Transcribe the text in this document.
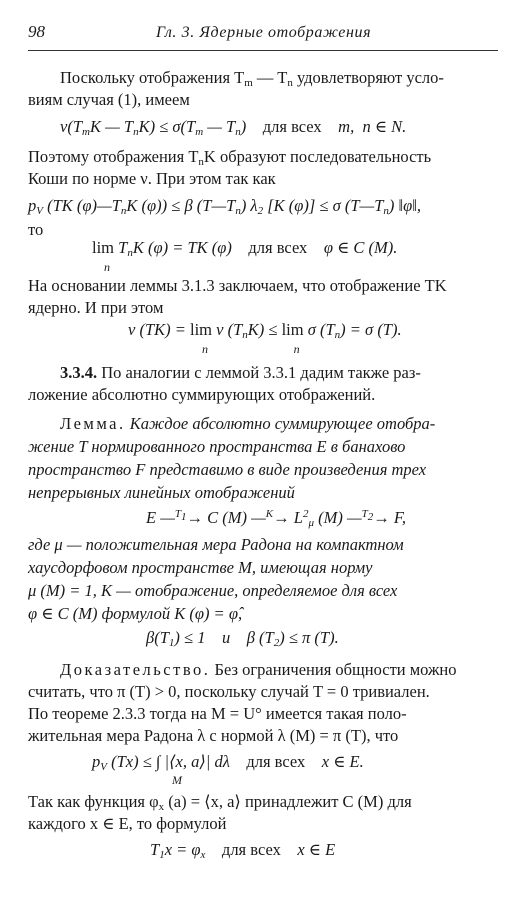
98	Гл. 3. Ядерные отображения
Поскольку отображения $T_m$ — $T_n$ удовлетворяют усло-
виям случая (1), имеем
$\nu(T_mK$ — $T_nK) \le \sigma(T_m$ — $T_n$)    для всех    m,  n ∈ N.
Поэтому отображения $T_nK$ образуют последовательность
Коши по норме ν. При этом так как
$p_V$ (TK $(\varphi)—T_nK$ (φ)) ≤ β $(T—T_n)$ $\lambda_2$ [K (φ)] ≤ σ $(T—T_n)$ ‖φ‖,
то
lim
n
$T_nK$ (φ) = TK (φ)    для всех    φ ∈ C (M).
На основании леммы 3.1.3 заключаем, что отображение TK
ядерно. И при этом
ν (TK) = lim
n
ν $(T_nK) \le \lim$
n
σ $(T_n) = \sigma$ (T).
3.3.4. По аналогии с леммой 3.3.1 дадим также раз-
ложение абсолютно суммирующих отображений.
Лемма. Каждое абсолютно суммирующее отобра-
жение T нормированного пространства E в банахово
пространство F представимо в виде произведения трех
непрерывных линейных отображений
E —$^{T_1}$→ C (M) —$^K$→ $L^2_\mu$ (M) —$^{T_2}$→ F,
где μ — положительная мера Радона на компактном
хаусдорфовом пространстве M, имеющая норму
μ (M) = 1, K — отображение, определяемое для всех
φ ∈ C (M) формулой K (φ) = φ̂,
$\beta(T_1) \le 1$    и    β $(T_2) \le \pi$ (T).
Доказательство. Без ограничения общности можно
считать, что π (T) > 0, поскольку случай T = 0 тривиален.
По теореме 2.3.3 тогда на M = U° имеется такая поло-
жительная мера Радона λ с нормой λ (M) = π (T), что
$p_V$ (Tx) ≤ ∫ |⟨x, a⟩| dλ    для всех    x ∈ E.
M
Так как функция $\varphi_x$ (a) = ⟨x, a⟩ принадлежит C (M) для
каждого x ∈ E, то формулой
$T_1x = \varphi_x$ для всех    x ∈ E
